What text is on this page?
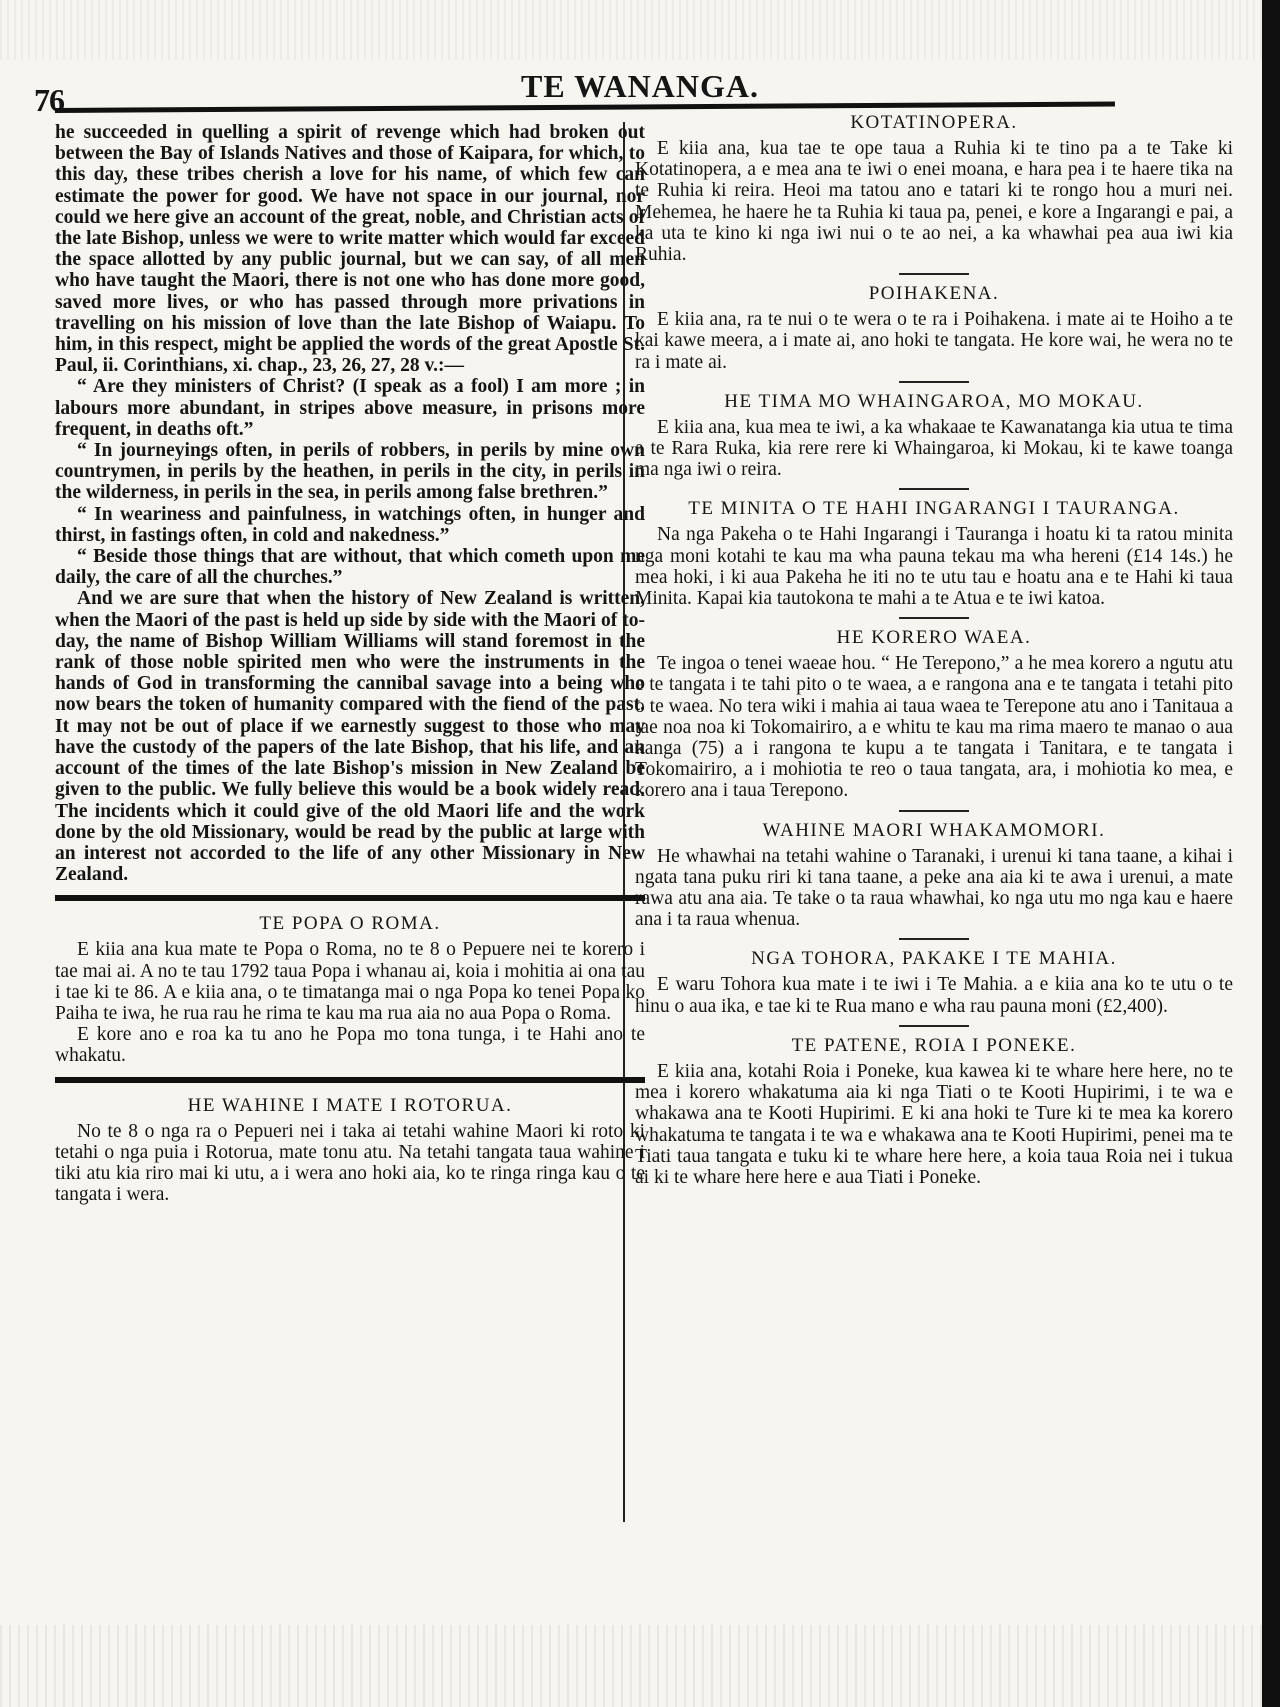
76	TE WANANGA.

he succeeded in quelling a spirit of revenge which had broken out between the Bay of Islands Natives and those of Kaipara, for which, to this day, these tribes cherish a love for his name, of which few can estimate the power for good. We have not space in our journal, nor could we here give an account of the great, noble, and Christian acts of the late Bishop, unless we were to write matter which would far exceed the space allotted by any public journal, but we can say, of all men who have taught the Maori, there is not one who has done more good, saved more lives, or who has passed through more privations in travelling on his mission of love than the late Bishop of Waiapu. To him, in this respect, might be applied the words of the great Apostle St. Paul, ii. Corinthians, xi. chap., 23, 26, 27, 28 v.:—

“ Are they ministers of Christ? (I speak as a fool) I am more ; in labours more abundant, in stripes above measure, in prisons more frequent, in deaths oft.”

“ In journeyings often, in perils of robbers, in perils by mine own countrymen, in perils by the heathen, in perils in the city, in perils in the wilderness, in perils in the sea, in perils among false brethren.”

“ In weariness and painfulness, in watchings often, in hunger and thirst, in fastings often, in cold and nakedness.”

“ Beside those things that are without, that which cometh upon me daily, the care of all the churches.”

And we are sure that when the history of New Zealand is written, when the Maori of the past is held up side by side with the Maori of to-day, the name of Bishop William Williams will stand foremost in the rank of those noble spirited men who were the instruments in the hands of God in transforming the cannibal savage into a being who now bears the token of humanity compared with the fiend of the past. It may not be out of place if we earnestly suggest to those who may have the custody of the papers of the late Bishop, that his life, and an account of the times of the late Bishop's mission in New Zealand be given to the public. We fully believe this would be a book widely read. The incidents which it could give of the old Maori life and the work done by the old Missionary, would be read by the public at large with an interest not accorded to the life of any other Missionary in New Zealand.

TE POPA O ROMA.

E kiia ana kua mate te Popa o Roma, no te 8 o Pepuere nei te korero i tae mai ai. A no te tau 1792 taua Popa i whanau ai, koia i mohitia ai ona tau i tae ki te 86. A e kiia ana, o te timatanga mai o nga Popa ko tenei Popa ko Paiha te iwa, he rua rau he rima te kau ma rua aia no aua Popa o Roma.

E kore ano e roa ka tu ano he Popa mo tona tunga, i te Hahi ano te whakatu.

HE WAHINE I MATE I ROTORUA.

No te 8 o nga ra o Pepueri nei i taka ai tetahi wahine Maori ki roto ki tetahi o nga puia i Rotorua, mate tonu atu. Na tetahi tangata taua wahine i tiki atu kia riro mai ki utu, a i wera ano hoki aia, ko te ringa ringa kau o te tangata i wera.

KOTATINOPERA.

E kiia ana, kua tae te ope taua a Ruhia ki te tino pa a te Take ki Kotatinopera, a e mea ana te iwi o enei moana, e hara pea i te haere tika na te Ruhia ki reira. Heoi ma tatou ano e tatari ki te rongo hou a muri nei. Mehemea, he haere he ta Ruhia ki taua pa, penei, e kore a Ingarangi e pai, a ka uta te kino ki nga iwi nui o te ao nei, a ka whawhai pea aua iwi kia Ruhia.

POIHAKENA.

E kiia ana, ra te nui o te wera o te ra i Poihakena. i mate ai te Hoiho a te kai kawe meera, a i mate ai, ano hoki te tangata. He kore wai, he wera no te ra i mate ai.

HE TIMA MO WHAINGAROA, MO MOKAU.

E kiia ana, kua mea te iwi, a ka whakaae te Kawanatanga kia utua te tima a te Rara Ruka, kia rere rere ki Whaingaroa, ki Mokau, ki te kawe toanga ma nga iwi o reira.

TE MINITA O TE HAHI INGARANGI I TAURANGA.

Na nga Pakeha o te Hahi Ingarangi i Tauranga i hoatu ki ta ratou minita nga moni kotahi te kau ma wha pauna tekau ma wha hereni (£14 14s.) he mea hoki, i ki aua Pakeha he iti no te utu tau e hoatu ana e te Hahi ki taua Minita. Kapai kia tautokona te mahi a te Atua e te iwi katoa.

HE KORERO WAEA.

Te ingoa o tenei waeae hou. “ He Terepono,” a he mea korero a ngutu atu e te tangata i te tahi pito o te waea, a e rangona ana e te tangata i tetahi pito o te waea. No tera wiki i mahia ai taua waea te Terepone atu ano i Tanitaua a tae noa noa ki Tokomairiro, a e whitu te kau ma rima maero te manao o aua kanga (75) a i rangona te kupu a te tangata i Tanitara, e te tangata i Tokomairiro, a i mohiotia te reo o taua tangata, ara, i mohiotia ko mea, e korero ana i taua Terepono.

WAHINE MAORI WHAKAMOMORI.

He whawhai na tetahi wahine o Taranaki, i urenui ki tana taane, a kihai i ngata tana puku riri ki tana taane, a peke ana aia ki te awa i urenui, a mate rawa atu ana aia. Te take o ta raua whawhai, ko nga utu mo nga kau e haere ana i ta raua whenua.

NGA TOHORA, PAKAKE I TE MAHIA.

E waru Tohora kua mate i te iwi i Te Mahia. a e kiia ana ko te utu o te hinu o aua ika, e tae ki te Rua mano e wha rau pauna moni (£2,400).

TE PATENE, ROIA I PONEKE.

E kiia ana, kotahi Roia i Poneke, kua kawea ki te whare here here, no te mea i korero whakatuma aia ki nga Tiati o te Kooti Hupirimi, i te wa e whakawa ana te Kooti Hupirimi. E ki ana hoki te Ture ki te mea ka korero whakatuma te tangata i te wa e whakawa ana te Kooti Hupirimi, penei ma te Tiati taua tangata e tuku ki te whare here here, a koia taua Roia nei i tukua ai ki te whare here here e aua Tiati i Poneke.
